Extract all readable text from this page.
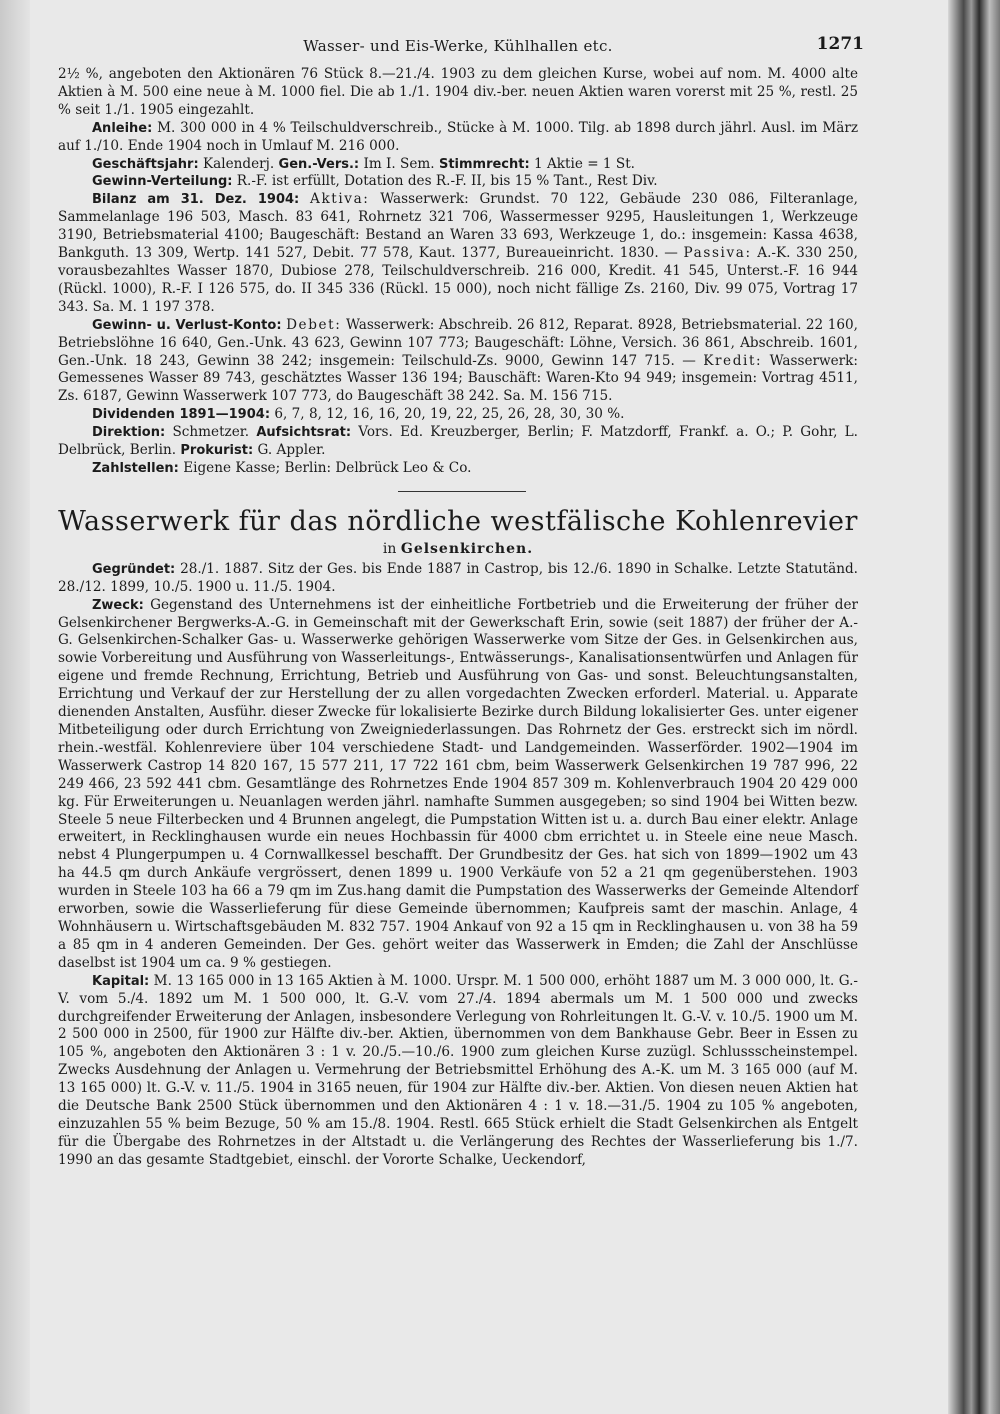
Wasser- und Eis-Werke, Kühlhallen etc.	1271

2½ %, angeboten den Aktionären 76 Stück 8.—21./4. 1903 zu dem gleichen Kurse, wobei auf nom. M. 4000 alte Aktien à M. 500 eine neue à M. 1000 fiel. Die ab 1./1. 1904 div.-ber. neuen Aktien waren vorerst mit 25 %, restl. 25 % seit 1./1. 1905 eingezahlt.

Anleihe: M. 300 000 in 4 % Teilschuldverschreib., Stücke à M. 1000. Tilg. ab 1898 durch jährl. Ausl. im März auf 1./10. Ende 1904 noch in Umlauf M. 216 000.

Geschäftsjahr: Kalenderj. Gen.-Vers.: Im I. Sem. Stimmrecht: 1 Aktie = 1 St.

Gewinn-Verteilung: R.-F. ist erfüllt, Dotation des R.-F. II, bis 15 % Tant., Rest Div.

Bilanz am 31. Dez. 1904: Aktiva: Wasserwerk: Grundst. 70 122, Gebäude 230 086, Filteranlage, Sammelanlage 196 503, Masch. 83 641, Rohrnetz 321 706, Wassermesser 9295, Hausleitungen 1, Werkzeuge 3190, Betriebsmaterial 4100; Baugeschäft: Bestand an Waren 33 693, Werkzeuge 1, do.: insgemein: Kassa 4638, Bankguth. 13 309, Wertp. 141 527, Debit. 77 578, Kaut. 1377, Bureaueinricht. 1830. — Passiva: A.-K. 330 250, vorausbezahltes Wasser 1870, Dubiose 278, Teilschuldverschreib. 216 000, Kredit. 41 545, Unterst.-F. 16 944 (Rückl. 1000), R.-F. I 126 575, do. II 345 336 (Rückl. 15 000), noch nicht fällige Zs. 2160, Div. 99 075, Vortrag 17 343. Sa. M. 1 197 378.

Gewinn- u. Verlust-Konto: Debet: Wasserwerk: Abschreib. 26 812, Reparat. 8928, Betriebsmaterial. 22 160, Betriebslöhne 16 640, Gen.-Unk. 43 623, Gewinn 107 773; Baugeschäft: Löhne, Versich. 36 861, Abschreib. 1601, Gen.-Unk. 18 243, Gewinn 38 242; insgemein: Teilschuld-Zs. 9000, Gewinn 147 715. — Kredit: Wasserwerk: Gemessenes Wasser 89 743, geschätztes Wasser 136 194; Bauschäft: Waren-Kto 94 949; insgemein: Vortrag 4511, Zs. 6187, Gewinn Wasserwerk 107 773, do Baugeschäft 38 242. Sa. M. 156 715.

Dividenden 1891—1904: 6, 7, 8, 12, 16, 16, 20, 19, 22, 25, 26, 28, 30, 30 %.

Direktion: Schmetzer. Aufsichtsrat: Vors. Ed. Kreuzberger, Berlin; F. Matzdorff, Frankf. a. O.; P. Gohr, L. Delbrück, Berlin. Prokurist: G. Appler.

Zahlstellen: Eigene Kasse; Berlin: Delbrück Leo & Co.

Wasserwerk für das nördliche westfälische Kohlenrevier
in Gelsenkirchen.

Gegründet: 28./1. 1887. Sitz der Ges. bis Ende 1887 in Castrop, bis 12./6. 1890 in Schalke. Letzte Statutänd. 28./12. 1899, 10./5. 1900 u. 11./5. 1904.

Zweck: Gegenstand des Unternehmens ist der einheitliche Fortbetrieb und die Erweiterung der früher der Gelsenkirchener Bergwerks-A.-G. in Gemeinschaft mit der Gewerkschaft Erin, sowie (seit 1887) der früher der A.-G. Gelsenkirchen-Schalker Gas- u. Wasserwerke gehörigen Wasserwerke vom Sitze der Ges. in Gelsenkirchen aus, sowie Vorbereitung und Ausführung von Wasserleitungs-, Entwässerungs-, Kanalisationsentwürfen und Anlagen für eigene und fremde Rechnung, Errichtung, Betrieb und Ausführung von Gas- und sonst. Beleuchtungsanstalten, Errichtung und Verkauf der zur Herstellung der zu allen vorgedachten Zwecken erforderl. Material. u. Apparate dienenden Anstalten, Ausführ. dieser Zwecke für lokalisierte Bezirke durch Bildung lokalisierter Ges. unter eigener Mitbeteiligung oder durch Errichtung von Zweigniederlassungen. Das Rohrnetz der Ges. erstreckt sich im nördl. rhein.-westfäl. Kohlenreviere über 104 verschiedene Stadt- und Landgemeinden. Wasserförder. 1902—1904 im Wasserwerk Castrop 14 820 167, 15 577 211, 17 722 161 cbm, beim Wasserwerk Gelsenkirchen 19 787 996, 22 249 466, 23 592 441 cbm. Gesamtlänge des Rohrnetzes Ende 1904 857 309 m. Kohlenverbrauch 1904 20 429 000 kg. Für Erweiterungen u. Neuanlagen werden jährl. namhafte Summen ausgegeben; so sind 1904 bei Witten bezw. Steele 5 neue Filterbecken und 4 Brunnen angelegt, die Pumpstation Witten ist u. a. durch Bau einer elektr. Anlage erweitert, in Recklinghausen wurde ein neues Hochbassin für 4000 cbm errichtet u. in Steele eine neue Masch. nebst 4 Plungerpumpen u. 4 Cornwallkessel beschafft. Der Grundbesitz der Ges. hat sich von 1899—1902 um 43 ha 44.5 qm durch Ankäufe vergrössert, denen 1899 u. 1900 Verkäufe von 52 a 21 qm gegenüberstehen. 1903 wurden in Steele 103 ha 66 a 79 qm im Zus.hang damit die Pumpstation des Wasserwerks der Gemeinde Altendorf erworben, sowie die Wasserlieferung für diese Gemeinde übernommen; Kaufpreis samt der maschin. Anlage, 4 Wohnhäusern u. Wirtschaftsgebäuden M. 832 757. 1904 Ankauf von 92 a 15 qm in Recklinghausen u. von 38 ha 59 a 85 qm in 4 anderen Gemeinden. Der Ges. gehört weiter das Wasserwerk in Emden; die Zahl der Anschlüsse daselbst ist 1904 um ca. 9 % gestiegen.

Kapital: M. 13 165 000 in 13 165 Aktien à M. 1000. Urspr. M. 1 500 000, erhöht 1887 um M. 3 000 000, lt. G.-V. vom 5./4. 1892 um M. 1 500 000, lt. G.-V. vom 27./4. 1894 abermals um M. 1 500 000 und zwecks durchgreifender Erweiterung der Anlagen, insbesondere Verlegung von Rohrleitungen lt. G.-V. v. 10./5. 1900 um M. 2 500 000 in 2500, für 1900 zur Hälfte div.-ber. Aktien, übernommen von dem Bankhause Gebr. Beer in Essen zu 105 %, angeboten den Aktionären 3 : 1 v. 20./5.—10./6. 1900 zum gleichen Kurse zuzügl. Schlussscheinstempel. Zwecks Ausdehnung der Anlagen u. Vermehrung der Betriebsmittel Erhöhung des A.-K. um M. 3 165 000 (auf M. 13 165 000) lt. G.-V. v. 11./5. 1904 in 3165 neuen, für 1904 zur Hälfte div.-ber. Aktien. Von diesen neuen Aktien hat die Deutsche Bank 2500 Stück übernommen und den Aktionären 4 : 1 v. 18.—31./5. 1904 zu 105 % angeboten, einzuzahlen 55 % beim Bezuge, 50 % am 15./8. 1904. Restl. 665 Stück erhielt die Stadt Gelsenkirchen als Entgelt für die Übergabe des Rohrnetzes in der Altstadt u. die Verlängerung des Rechtes der Wasserlieferung bis 1./7. 1990 an das gesamte Stadtgebiet, einschl. der Vororte Schalke, Ueckendorf,
